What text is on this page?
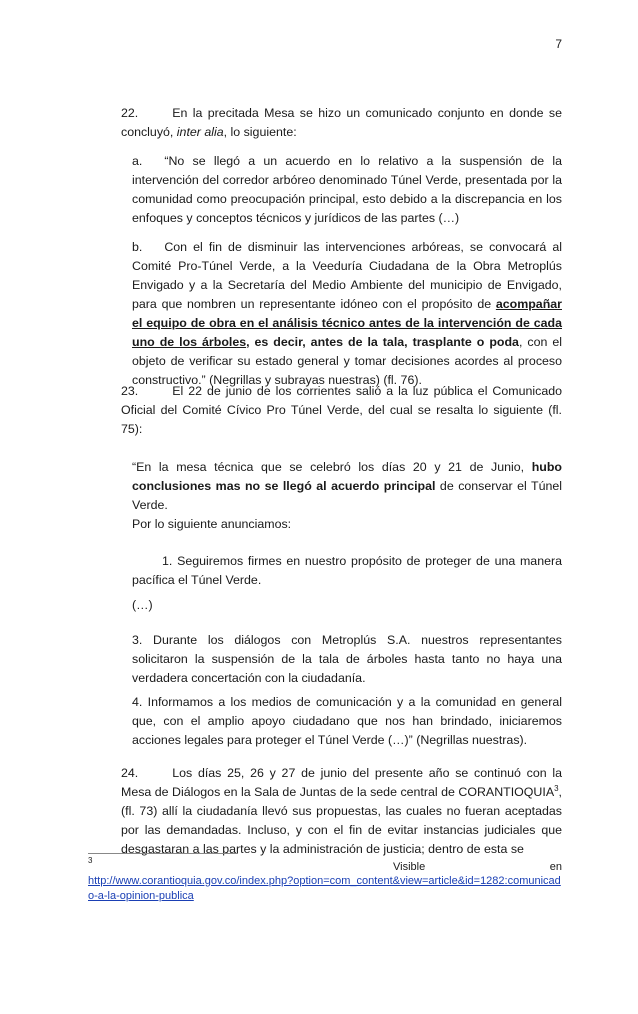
7

22.	En la precitada Mesa se hizo un comunicado conjunto en donde se concluyó, inter alia, lo siguiente:

a. “No se llegó a un acuerdo en lo relativo a la suspensión de la intervención del corredor arbóreo denominado Túnel Verde, presentada por la comunidad como preocupación principal, esto debido a la discrepancia en los enfoques y conceptos técnicos y jurídicos de las partes (…)

b. Con el fin de disminuir las intervenciones arbóreas, se convocará al Comité Pro-Túnel Verde, a la Veeduría Ciudadana de la Obra Metroplús Envigado y a la Secretaría del Medio Ambiente del municipio de Envigado, para que nombren un representante idóneo con el propósito de acompañar el equipo de obra en el análisis técnico antes de la intervención de cada uno de los árboles, es decir, antes de la tala, trasplante o poda, con el objeto de verificar su estado general y tomar decisiones acordes al proceso constructivo.” (Negrillas y subrayas nuestras) (fl. 76).

23.	El 22 de junio de los corrientes salió a la luz pública el Comunicado Oficial del Comité Cívico Pro Túnel Verde, del cual se resalta lo siguiente (fl. 75):

“En la mesa técnica que se celebró los días 20 y 21 de Junio, hubo conclusiones mas no se llegó al acuerdo principal de conservar el Túnel Verde.

Por lo siguiente anunciamos:

1. Seguiremos firmes en nuestro propósito de proteger de una manera pacífica el Túnel Verde.

(…)

3. Durante los diálogos con Metroplús S.A. nuestros representantes solicitaron la suspensión de la tala de árboles hasta tanto no haya una verdadera concertación con la ciudadanía.

4. Informamos a los medios de comunicación y a la comunidad en general que, con el amplio apoyo ciudadano que nos han brindado, iniciaremos acciones legales para proteger el Túnel Verde (…)” (Negrillas nuestras).

24.	Los días 25, 26 y 27 de junio del presente año se continuó con la Mesa de Diálogos en la Sala de Juntas de la sede central de CORANTIOQUIA$^3$, (fl. 73) allí la ciudadanía llevó sus propuestas, las cuales no fueran aceptadas por las demandadas. Incluso, y con el fin de evitar instancias judiciales que desgastaran a las partes y la administración de justicia; dentro de esta se

3
Visible	en
http://www.corantioquia.gov.co/index.php?option=com_content&view=article&id=1282:comunicado-a-la-opinion-publica
